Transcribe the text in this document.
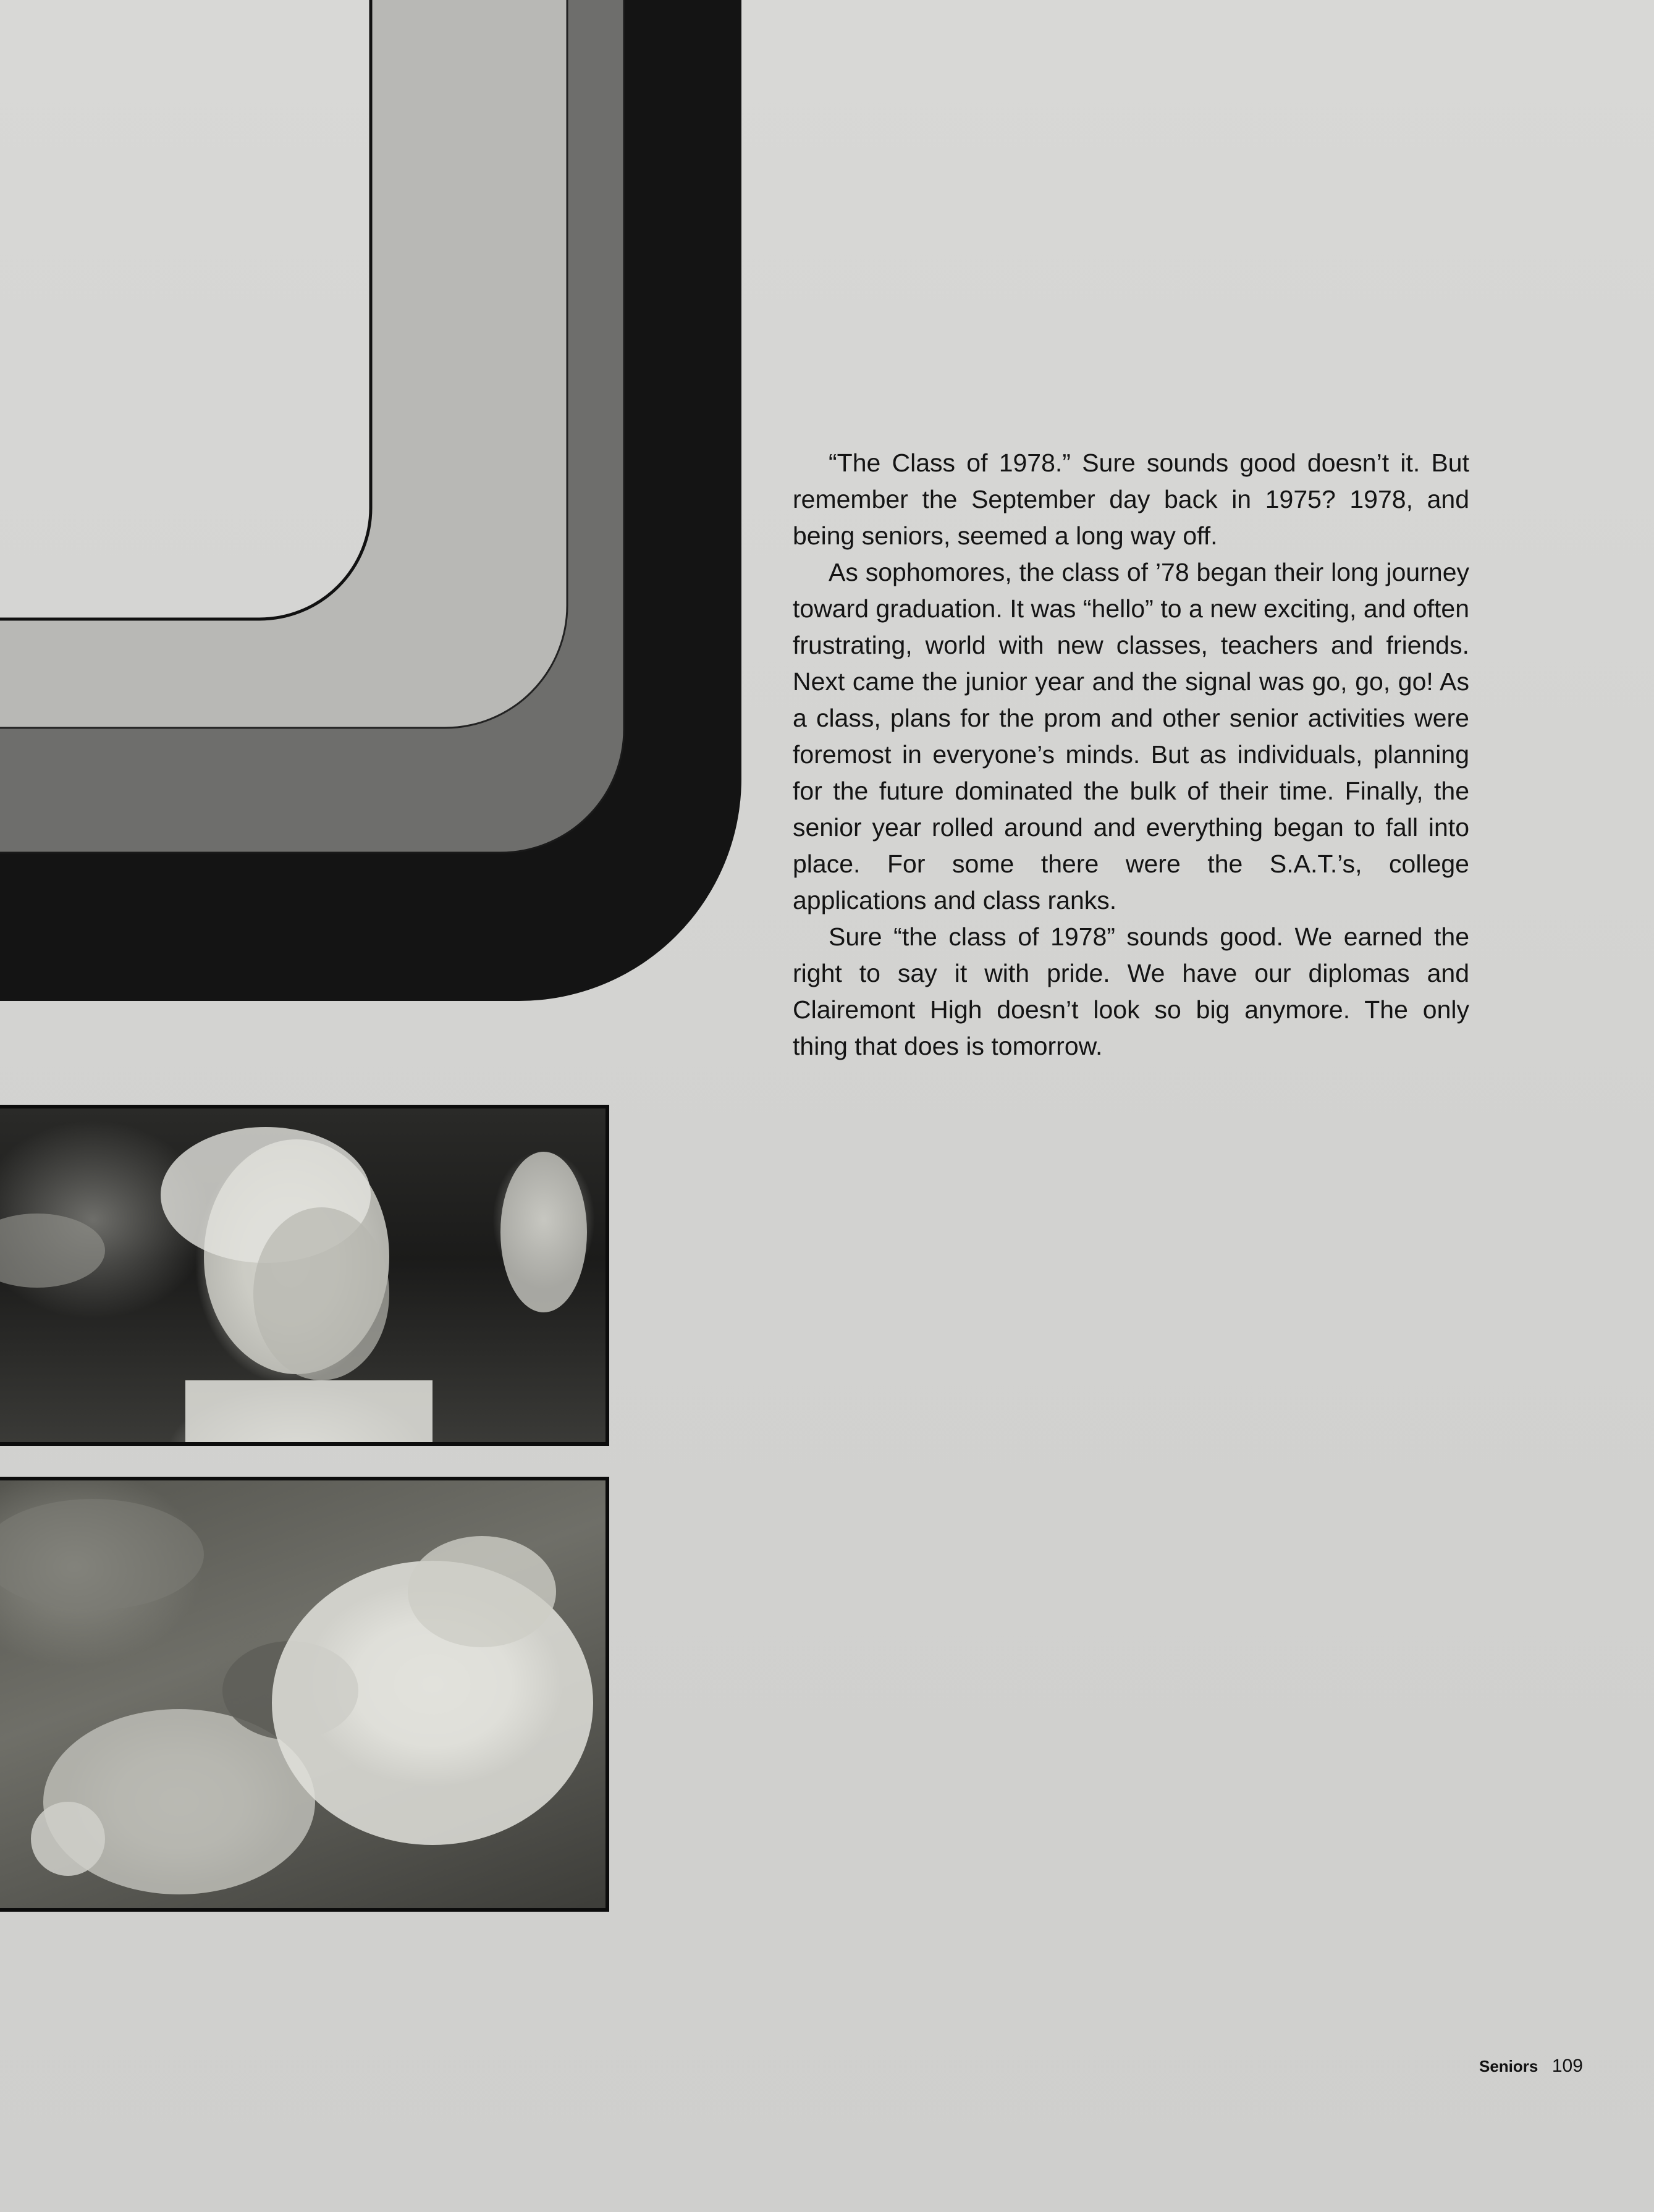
“The Class of 1978.” Sure sounds good doesn’t it. But remember the September day back in 1975? 1978, and being seniors, seemed a long way off.

As sophomores, the class of ’78 began their long journey toward graduation. It was “hello” to a new exciting, and often frustrating, world with new classes, teachers and friends. Next came the junior year and the signal was go, go, go! As a class, plans for the prom and other senior activities were foremost in everyone’s minds. But as individuals, planning for the future dominated the bulk of their time. Finally, the senior year rolled around and everything began to fall into place. For some there were the S.A.T.’s, college applications and class ranks.

Sure “the class of 1978” sounds good. We earned the right to say it with pride. We have our diplomas and Clairemont High doesn’t look so big anymore. The only thing that does is tomorrow.

Seniors 109
